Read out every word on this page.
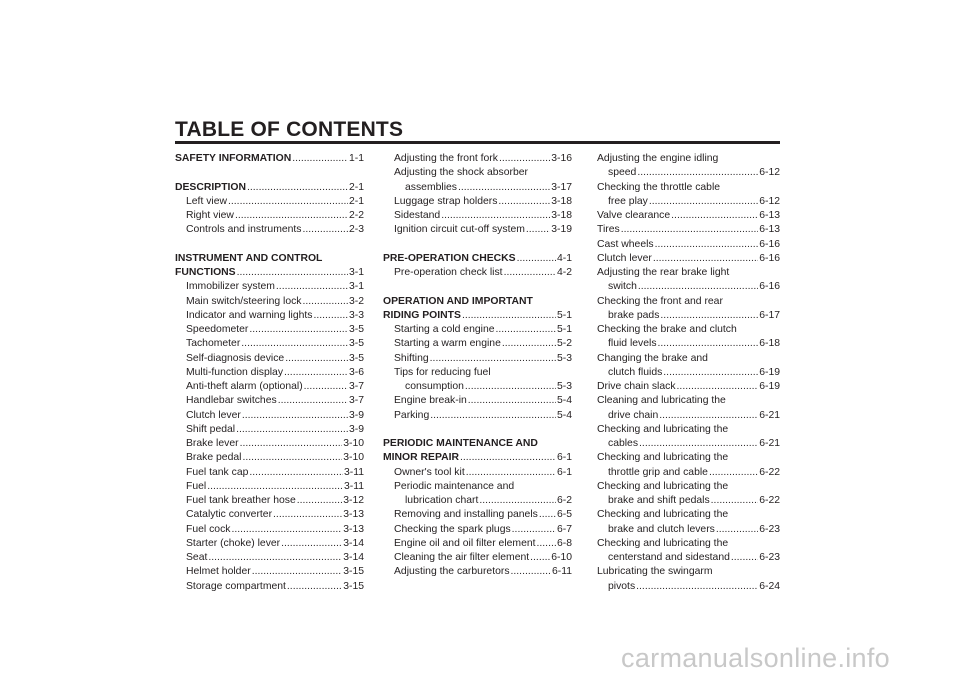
TABLE OF CONTENTS
SAFETY INFORMATION .....	1-1
DESCRIPTION .....	2-1
Left view .....	2-1
Right view .....	2-2
Controls and instruments .....	2-3
INSTRUMENT AND CONTROL
FUNCTIONS .....	3-1
Immobilizer system .....	3-1
Main switch/steering lock .....	3-2
Indicator and warning lights .....	3-3
Speedometer .....	3-5
Tachometer .....	3-5
Self-diagnosis device .....	3-5
Multi-function display .....	3-6
Anti-theft alarm (optional) .....	3-7
Handlebar switches .....	3-7
Clutch lever .....	3-9
Shift pedal .....	3-9
Brake lever .....	3-10
Brake pedal .....	3-10
Fuel tank cap .....	3-11
Fuel .....	3-11
Fuel tank breather hose .....	3-12
Catalytic converter .....	3-13
Fuel cock .....	3-13
Starter (choke) lever .....	3-14
Seat .....	3-14
Helmet holder .....	3-15
Storage compartment .....	3-15
Adjusting the front fork .....	3-16
Adjusting the shock absorber
assemblies .....	3-17
Luggage strap holders .....	3-18
Sidestand .....	3-18
Ignition circuit cut-off system .....	3-19
PRE-OPERATION CHECKS .....	4-1
Pre-operation check list .....	4-2
OPERATION AND IMPORTANT
RIDING POINTS .....	5-1
Starting a cold engine .....	5-1
Starting a warm engine .....	5-2
Shifting .....	5-3
Tips for reducing fuel
consumption .....	5-3
Engine break-in .....	5-4
Parking .....	5-4
PERIODIC MAINTENANCE AND
MINOR REPAIR .....	6-1
Owner's tool kit .....	6-1
Periodic maintenance and
lubrication chart .....	6-2
Removing and installing panels ..... 6-5
Checking the spark plugs .....	6-7
Engine oil and oil filter element ..... 6-8
Cleaning the air filter element ..... 6-10
Adjusting the carburetors .....	6-11
Adjusting the engine idling
speed .....	6-12
Checking the throttle cable
free play .....	6-12
Valve clearance .....	6-13
Tires .....	6-13
Cast wheels .....	6-16
Clutch lever .....	6-16
Adjusting the rear brake light
switch .....	6-16
Checking the front and rear
brake pads .....	6-17
Checking the brake and clutch
fluid levels .....	6-18
Changing the brake and
clutch fluids .....	6-19
Drive chain slack .....	6-19
Cleaning and lubricating the
drive chain .....	6-21
Checking and lubricating the
cables .....	6-21
Checking and lubricating the
throttle grip and cable .....	6-22
Checking and lubricating the
brake and shift pedals .....	6-22
Checking and lubricating the
brake and clutch levers .....	6-23
Checking and lubricating the
centerstand and sidestand .....	6-23
Lubricating the swingarm
pivots .....	6-24
carmanualsonline.info
